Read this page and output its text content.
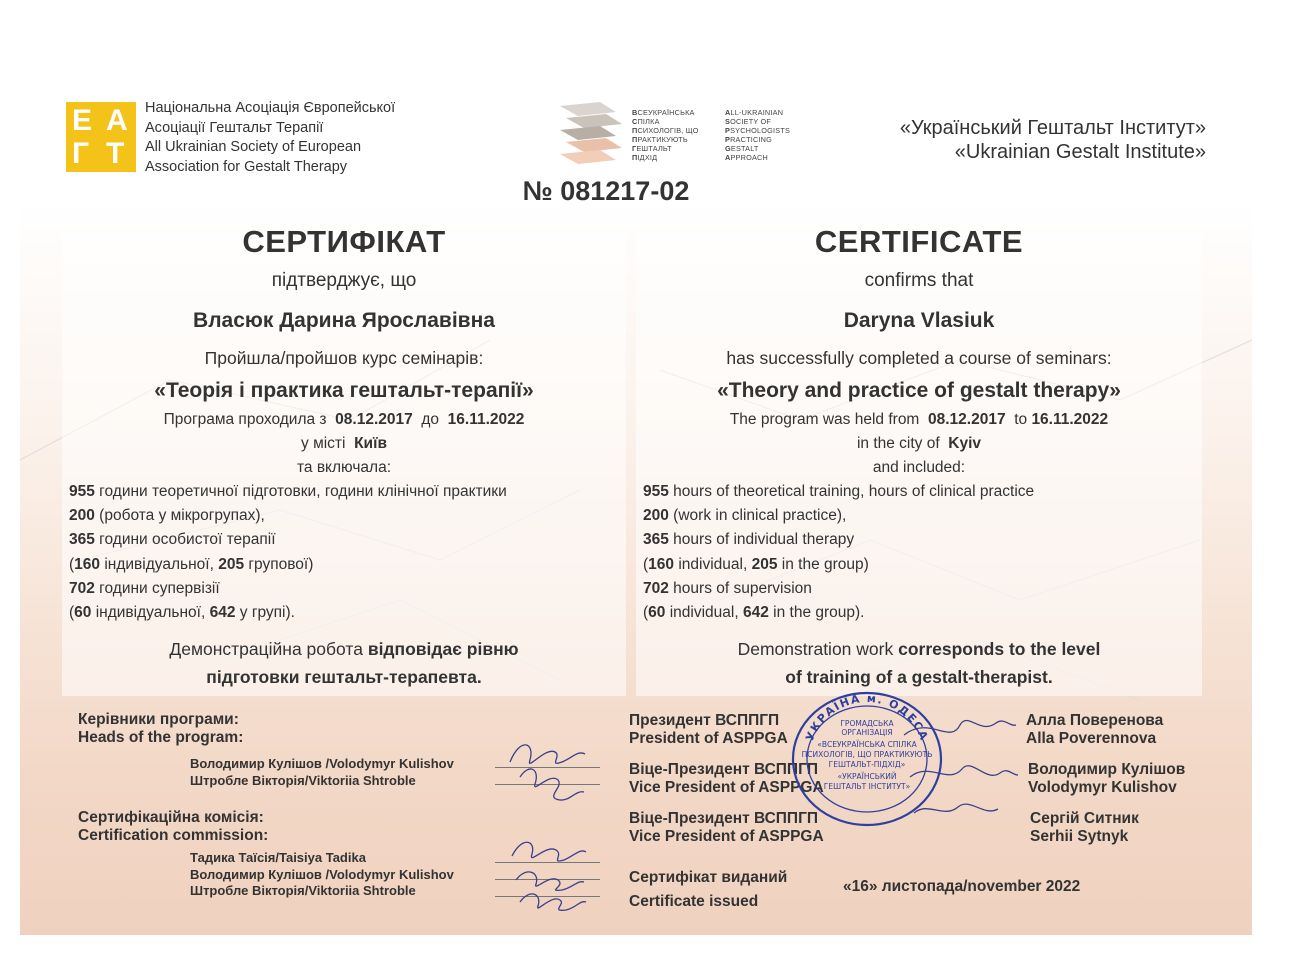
Е А
Г Т
Національна Асоціація Європейської
Асоціації Гештальт Терапії
All Ukrainian Society of European
Association for Gestalt Therapy
ВСЕУКРАЇНСЬКА
СПІЛКА
ПСИХОЛОГІВ, ЩО
ПРАКТИКУЮТЬ
ГЕШТАЛЬТ
ПІДХІД
ALL-UKRAINIAN
SOCIETY OF
PSYCHOLOGISTS
PRACTICING
GESTALT
APPROACH
«Український Гештальт Інститут»
«Ukrainian Gestalt Institute»
№ 081217-02
СЕРТИФІКАТ
підтверджує, що
Власюк Дарина Ярославівна
Пройшла/пройшов курс семінарів:
«Теорія і практика гештальт-терапії»
Програма проходила з 08.12.2017 до 16.11.2022
у місті Київ
та включала:
955 години теоретичної підготовки, години клінічної практики
200 (робота у мікрогрупах),
365 години особистої терапії
(160 індивідуальної, 205 групової)
702 години супервізії
(60 індивідуальної, 642 у групі).
Демонстраційна робота відповідає рівню
підготовки гештальт-терапевта.
CERTIFICATE
confirms that
Daryna Vlasiuk
has successfully completed a course of seminars:
«Theory and practice of gestalt therapy»
The program was held from 08.12.2017 to 16.11.2022
in the city of Kyiv
and included:
955 hours of theoretical training, hours of clinical practice
200 (work in clinical practice),
365 hours of individual therapy
(160 individual, 205 in the group)
702 hours of supervision
(60 individual, 642 in the group).
Demonstration work corresponds to the level
of training of a gestalt-therapist.
Керівники програми:
Heads of the program:
Володимир Кулішов /Volodymyr Kulishov
Штробле Вікторія/Viktoriia Shtroble
Сертифікаційна комісія:
Certification commission:
Тадика Таїсія/Taisiya Tadika
Володимир Кулішов /Volodymyr Kulishov
Штробле Вікторія/Viktoriia Shtroble
Президент ВСППГП
President of ASPPGA
Віце-Президент ВСППГП
Vice President of ASPPGA
Віце-Президент ВСППГП
Vice President of ASPPGA
Алла Поверенова
Alla Poverennova
Володимир Кулішов
Volodymyr Kulishov
Сергій Ситник
Serhii Sytnyk
Сертифікат виданий
Certificate issued
«16» листопада/november 2022
УКРАЇНА м. ОДЕСА
ГРОМАДСЬКА
ОРГАНІЗАЦІЯ
«ВСЕУКРАЇНСЬКА СПІЛКА
ПСИХОЛОГІВ, ЩО ПРАКТИКУЮТЬ
ГЕШТАЛЬТ-ПІДХІД»
«УКРАЇНСЬКИЙ
ГЕШТАЛЬТ ІНСТИТУТ»
